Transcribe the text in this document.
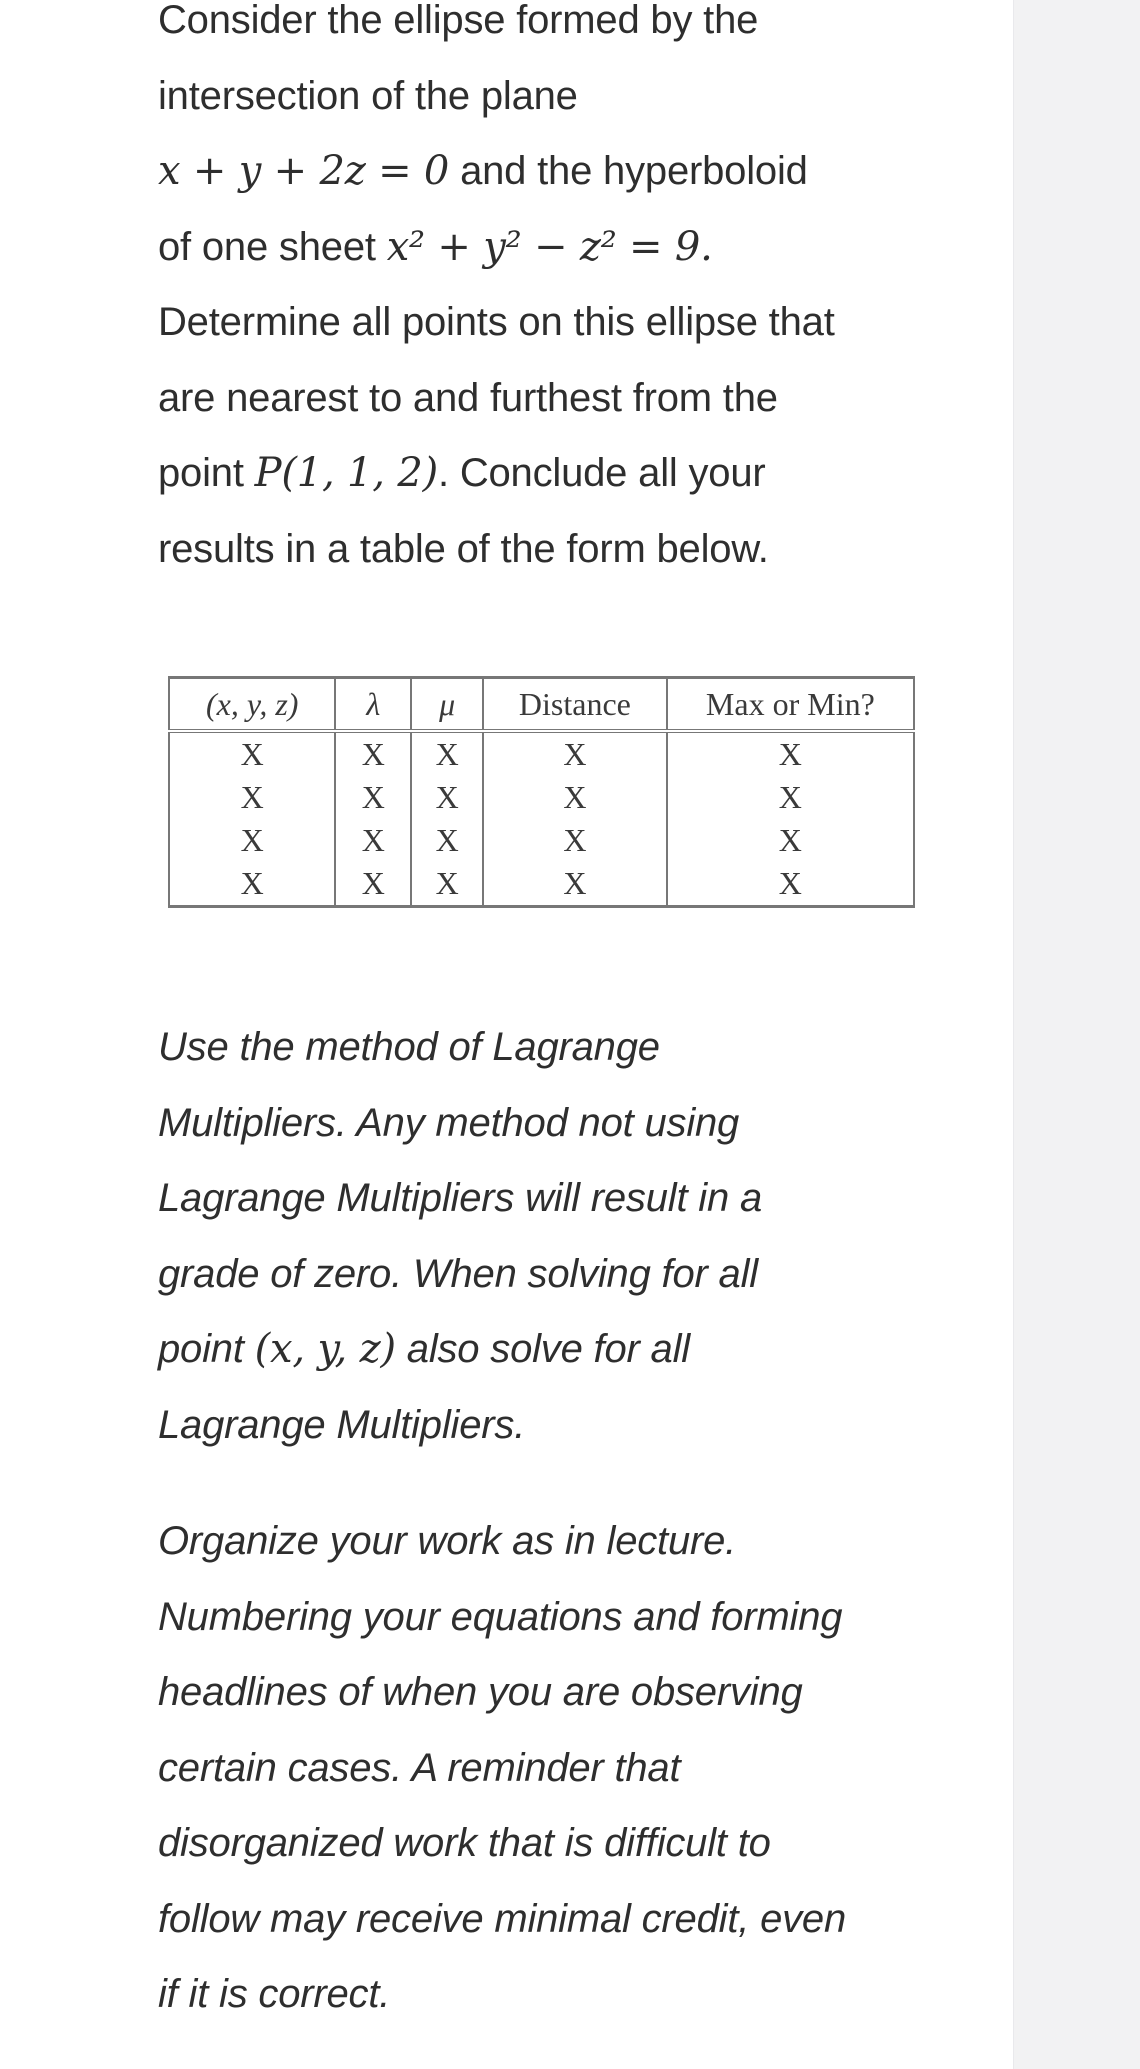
Consider the ellipse formed by the
intersection of the plane
x + y + 2z = 0 and the hyperboloid
of one sheet x² + y² − z² = 9.
Determine all points on this ellipse that
are nearest to and furthest from the
point P(1, 1, 2). Conclude all your
results in a table of the form below.
(x, y, z)	λ	μ	Distance	Max or Min?
X	X	X	X	X
X	X	X	X	X
X	X	X	X	X
X	X	X	X	X
Use the method of Lagrange
Multipliers. Any method not using
Lagrange Multipliers will result in a
grade of zero. When solving for all
point (x, y, z) also solve for all
Lagrange Multipliers.
Organize your work as in lecture.
Numbering your equations and forming
headlines of when you are observing
certain cases. A reminder that
disorganized work that is difficult to
follow may receive minimal credit, even
if it is correct.
